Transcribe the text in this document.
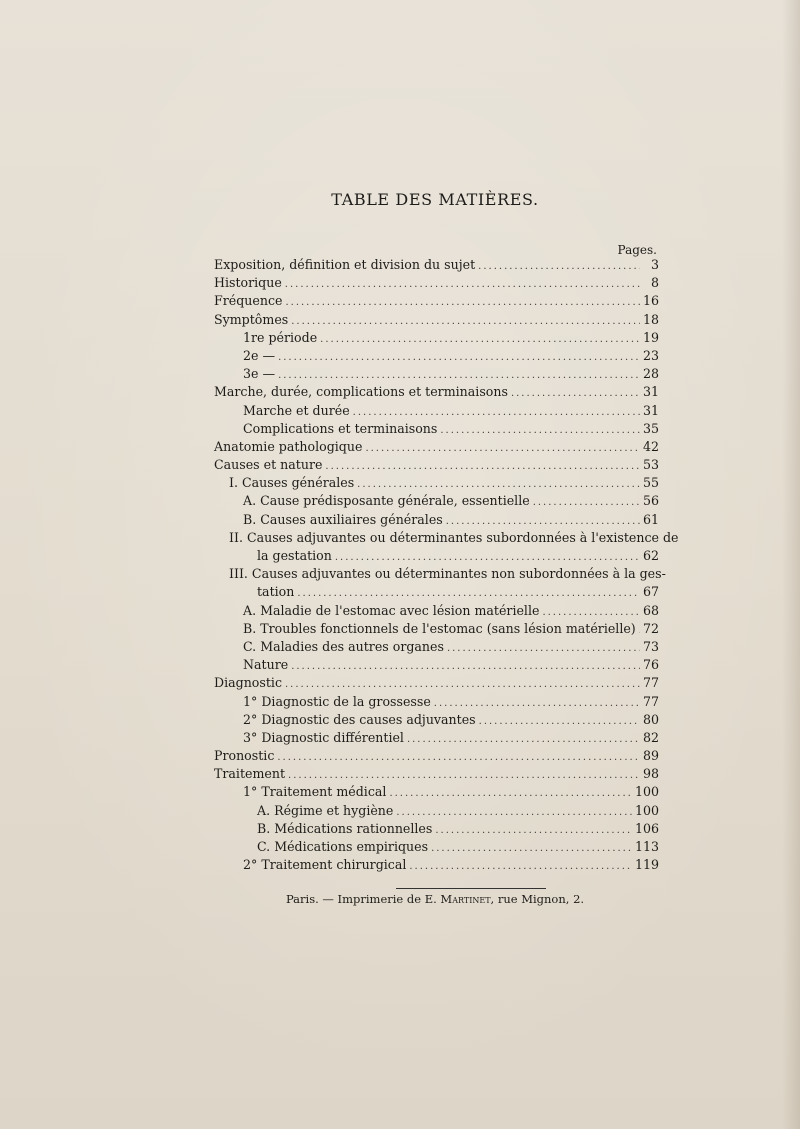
TABLE DES MATIÈRES.
Pages.
Exposition, définition et division du sujet .....	3
Historique .....	8
Fréquence .....	16
Symptômes .....	18
1re période .....	19
2e — .....	23
3e — .....	28
Marche, durée, complications et terminaisons .....	31
Marche et durée .....	31
Complications et terminaisons .....	35
Anatomie pathologique .....	42
Causes et nature .....	53
I. Causes générales .....	55
A. Cause prédisposante générale, essentielle .....	56
B. Causes auxiliaires générales .....	61
II. Causes adjuvantes ou déterminantes subordonnées à l'existence de
la gestation .....	62
III. Causes adjuvantes ou déterminantes non subordonnées à la ges-
tation .....	67
A. Maladie de l'estomac avec lésion matérielle .....	68
B. Troubles fonctionnels de l'estomac (sans lésion matérielle) ..... 72
C. Maladies des autres organes .....	73
Nature .....	76
Diagnostic .....	77
1° Diagnostic de la grossesse .....	77
2° Diagnostic des causes adjuvantes .....	80
3° Diagnostic différentiel .....	82
Pronostic .....	89
Traitement .....	98
1° Traitement médical .....	100
A. Régime et hygiène .....	100
B. Médications rationnelles .....	106
C. Médications empiriques .....	113
2° Traitement chirurgical .....	119
Paris. — Imprimerie de E. Martinet, rue Mignon, 2.
